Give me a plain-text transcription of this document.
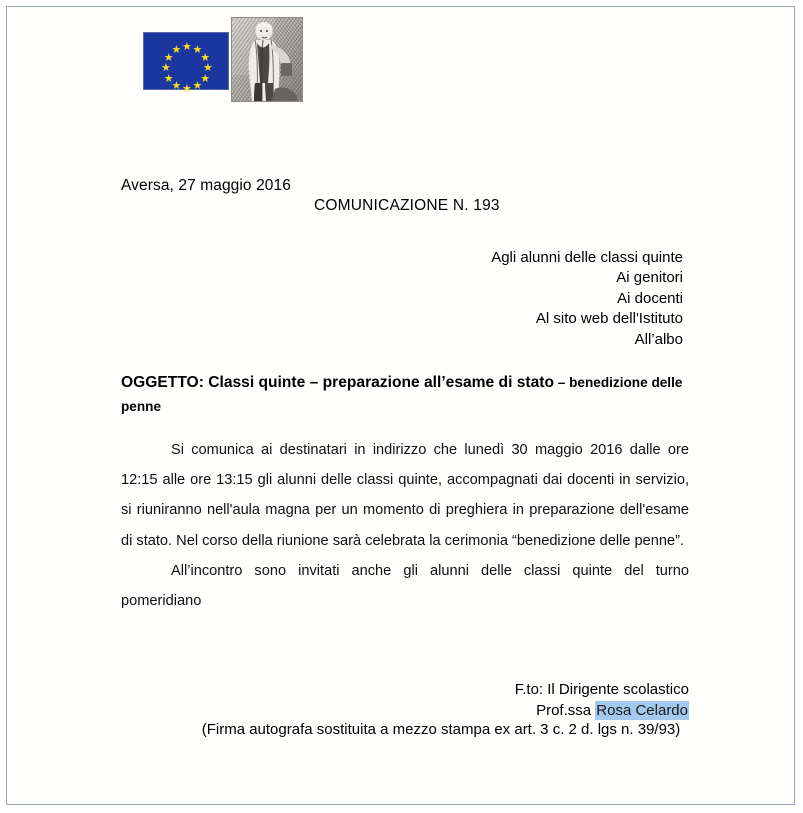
Aversa, 27 maggio 2016
COMUNICAZIONE N. 193
Agli alunni delle classi quinte
Ai genitori
Ai docenti
Al sito web dell'Istituto
All’albo
OGGETTO: Classi quinte – preparazione all’esame di stato – benedizione delle penne
Si comunica ai destinatari in indirizzo che lunedì 30 maggio 2016 dalle ore 12:15 alle ore 13:15 gli alunni delle classi quinte, accompagnati dai docenti in servizio, si riuniranno nell'aula magna per un momento di preghiera in preparazione dell'esame di stato. Nel corso della riunione sarà celebrata la cerimonia “benedizione delle penne”.
All’incontro sono invitati anche gli alunni delle classi quinte del turno pomeridiano
F.to: Il Dirigente scolastico
Prof.ssa Rosa Celardo
(Firma autografa sostituita a mezzo stampa ex art. 3 c. 2 d. lgs n. 39/93)
